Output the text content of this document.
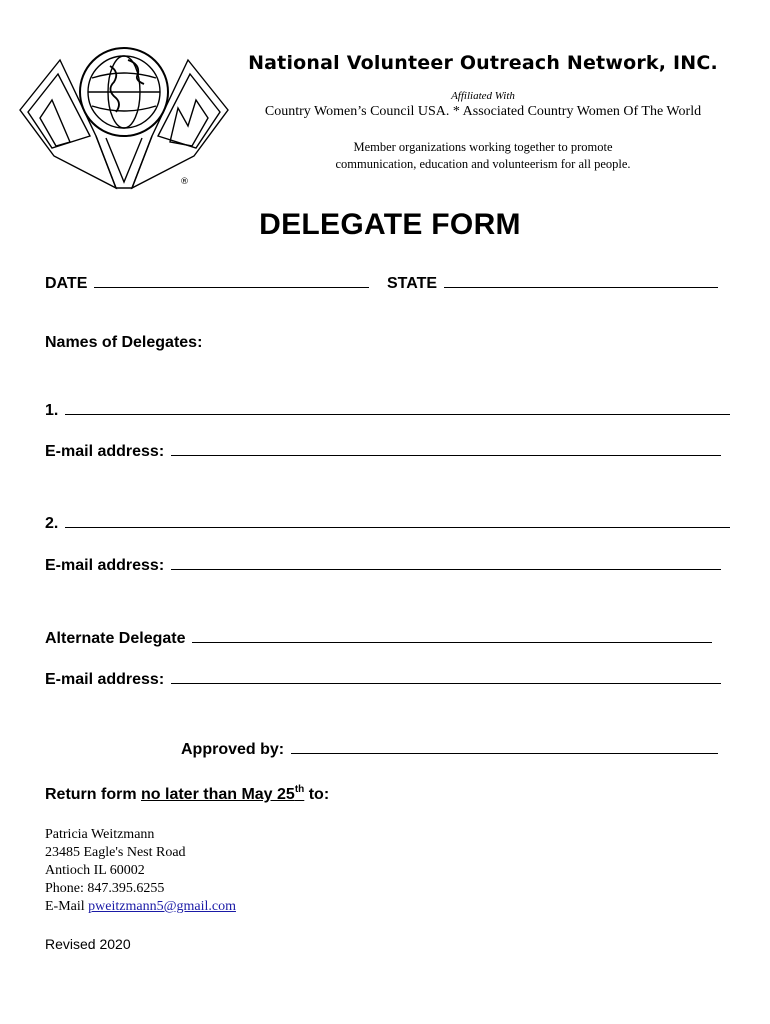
®
National Volunteer Outreach Network, INC.
Affiliated With
Country Women’s Council USA. * Associated Country Women Of The World
Member organizations working together to promote
communication, education and volunteerism for all people.
DELEGATE FORM
DATE	STATE
Names of Delegates:
1.
E-mail address:
2.
E-mail address:
Alternate Delegate
E-mail address:
Approved by:
Return form no later than May 25th to:
Patricia Weitzmann
23485 Eagle's Nest Road
Antioch IL 60002
Phone: 847.395.6255
E-Mail pweitzmann5@gmail.com
Revised 2020
